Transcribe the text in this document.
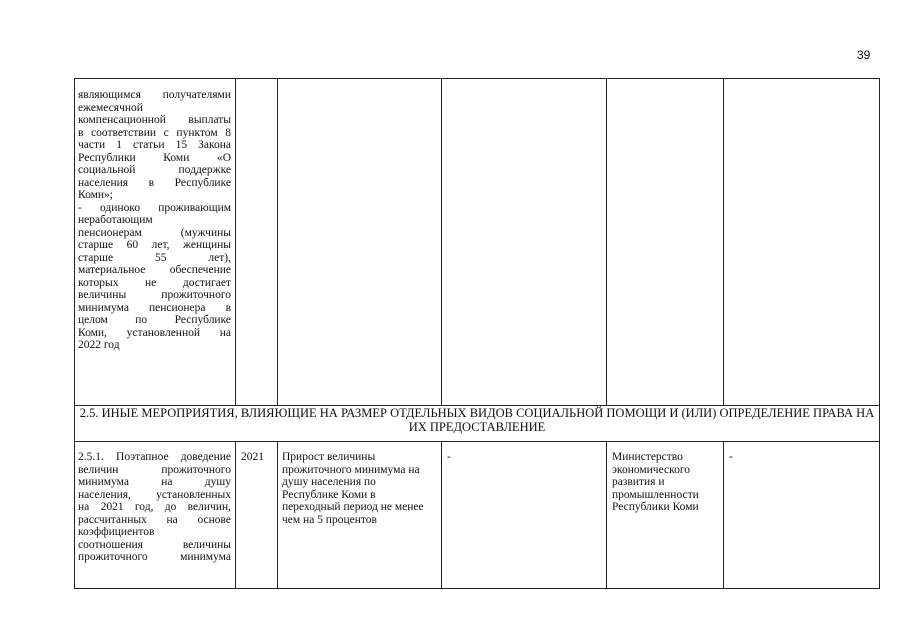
39
являющимся получателями
ежемесячной
компенсационной выплаты
в соответствии с пунктом 8
части 1 статьи 15 Закона
Республики Коми «О
социальной поддержке
населения в Республике
Коми»;
- одиноко проживающим
неработающим
пенсионерам (мужчины
старше 60 лет, женщины
старше 55 лет),
материальное обеспечение
которых не достигает
величины прожиточного
минимума пенсионера в
целом по Республике
Коми, установленной на
2022 год
2.5. ИНЫЕ МЕРОПРИЯТИЯ, ВЛИЯЮЩИЕ НА РАЗМЕР ОТДЕЛЬНЫХ ВИДОВ СОЦИАЛЬНОЙ ПОМОЩИ И (ИЛИ) ОПРЕДЕЛЕНИЕ ПРАВА НА ИХ ПРЕДОСТАВЛЕНИЕ
2.5.1. Поэтапное доведение
величин прожиточного
минимума на душу
населения, установленных
на 2021 год, до величин,
рассчитанных на основе
коэффициентов
соотношения величины
прожиточного минимума
2021 Прирост величины
прожиточного минимума на
душу населения по
Республике Коми в
переходный период не менее
чем на 5 процентов
-	Министерство
экономического
развития и
промышленности
Республики Коми
-
